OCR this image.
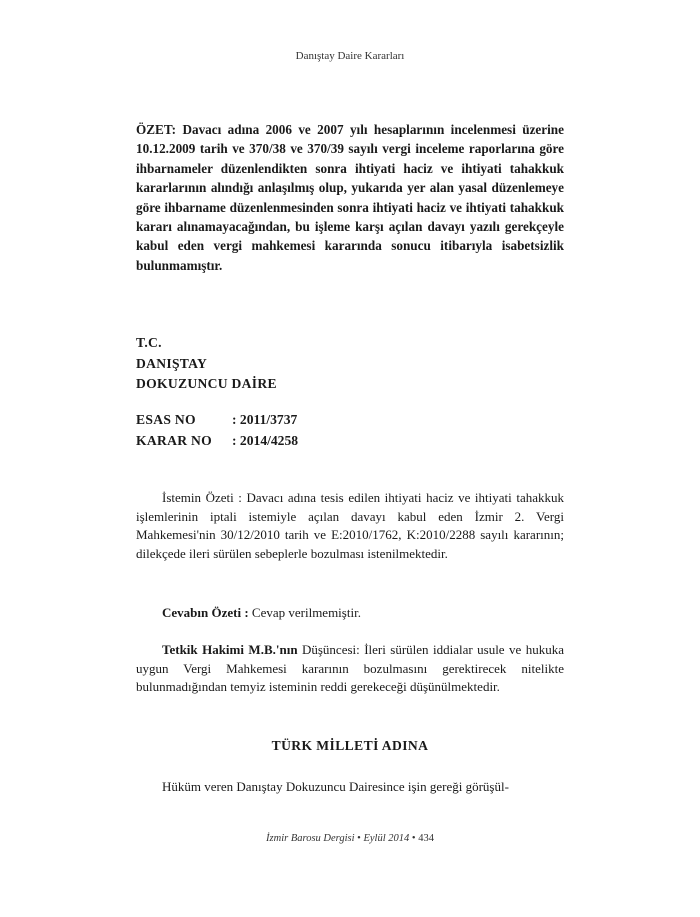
Danıştay Daire Kararları

ÖZET: Davacı adına 2006 ve 2007 yılı hesaplarının incelenmesi üzerine 10.12.2009 tarih ve 370/38 ve 370/39 sayılı vergi inceleme raporlarına göre ihbarnameler düzenlendikten sonra ihtiyati haciz ve ihtiyati tahakkuk kararlarının alındığı anlaşılmış olup, yukarıda yer alan yasal düzenlemeye göre ihbarname düzenlenmesinden sonra ihtiyati haciz ve ihtiyati tahakkuk kararı alınamayacağından, bu işleme karşı açılan davayı yazılı gerekçeyle kabul eden vergi mahkemesi kararında sonucu itibarıyla isabetsizlik bulunmamıştır.

T.C.
DANIŞTAY
DOKUZUNCU DAİRE
ESAS NO	: 2011/3737
KARAR NO	: 2014/4258

İstemin Özeti : Davacı adına tesis edilen ihtiyati haciz ve ihtiyati tahakkuk işlemlerinin iptali istemiyle açılan davayı kabul eden İzmir 2. Vergi Mahkemesi'nin 30/12/2010 tarih ve E:2010/1762, K:2010/2288 sayılı kararının; dilekçede ileri sürülen sebeplerle bozulması istenilmektedir.

Cevabın Özeti : Cevap verilmemiştir.

Tetkik Hakimi M.B.'nın Düşüncesi: İleri sürülen iddialar usule ve hukuka uygun Vergi Mahkemesi kararının bozulmasını gerektirecek nitelikte bulunmadığından temyiz isteminin reddi gerekeceği düşünülmektedir.

TÜRK MİLLETİ ADINA

Hüküm veren Danıştay Dokuzuncu Dairesince işin gereği görüşül-

İzmir Barosu Dergisi • Eylül 2014 • 434
